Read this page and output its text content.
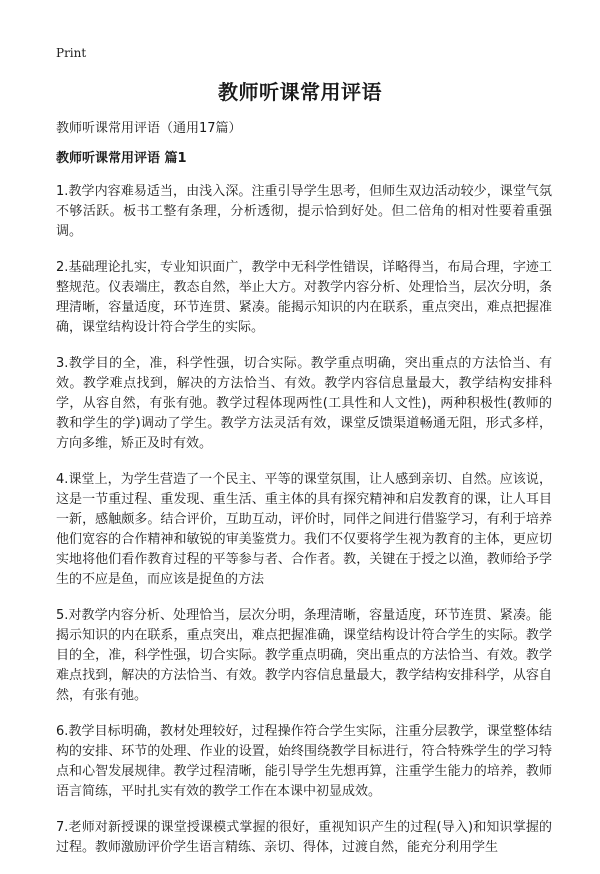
Print
教师听课常用评语

教师听课常用评语（通用17篇）

教师听课常用评语 篇1

1.教学内容难易适当，由浅入深。注重引导学生思考，但师生双边活动较少，课堂气氛不够活跃。板书工整有条理，分析透彻，提示恰到好处。但二倍角的相对性要着重强调。

2.基础理论扎实，专业知识面广，教学中无科学性错误，详略得当，布局合理，字迹工整规范。仪表端庄，教态自然，举止大方。对教学内容分析、处理恰当，层次分明，条理清晰，容量适度，环节连贯、紧凑。能揭示知识的内在联系，重点突出，难点把握准确，课堂结构设计符合学生的实际。

3.教学目的全，准，科学性强，切合实际。教学重点明确，突出重点的方法恰当、有效。教学难点找到，解决的方法恰当、有效。教学内容信息量最大，教学结构安排科学，从容自然，有张有弛。教学过程体现两性(工具性和人文性)，两种积极性(教师的教和学生的学)调动了学生。教学方法灵活有效，课堂反馈渠道畅通无阻，形式多样，方向多维，矫正及时有效。

4.课堂上，为学生营造了一个民主、平等的课堂氛围，让人感到亲切、自然。应该说，这是一节重过程、重发现、重生活、重主体的具有探究精神和启发教育的课，让人耳目一新，感触颇多。结合评价，互助互动，评价时，同伴之间进行借鉴学习，有利于培养他们宽容的合作精神和敏锐的审美鉴赏力。我们不仅要将学生视为教育的主体，更应切实地将他们看作教育过程的平等参与者、合作者。教，关键在于授之以渔，教师给予学生的不应是鱼，而应该是捉鱼的方法

5.对教学内容分析、处理恰当，层次分明，条理清晰，容量适度，环节连贯、紧凑。能揭示知识的内在联系，重点突出，难点把握准确，课堂结构设计符合学生的实际。教学目的全，准，科学性强，切合实际。教学重点明确，突出重点的方法恰当、有效。教学难点找到，解决的方法恰当、有效。教学内容信息量最大，教学结构安排科学，从容自然，有张有弛。

6.教学目标明确，教材处理较好，过程操作符合学生实际，注重分层教学，课堂整体结构的安排、环节的处理、作业的设置，始终围绕教学目标进行，符合特殊学生的学习特点和心智发展规律。教学过程清晰，能引导学生先想再算，注重学生能力的培养，教师语言简练，平时扎实有效的教学工作在本课中初显成效。

7.老师对新授课的课堂授课模式掌握的很好，重视知识产生的过程(导入)和知识掌握的过程。教师激励评价学生语言精练、亲切、得体，过渡自然，能充分利用学生
